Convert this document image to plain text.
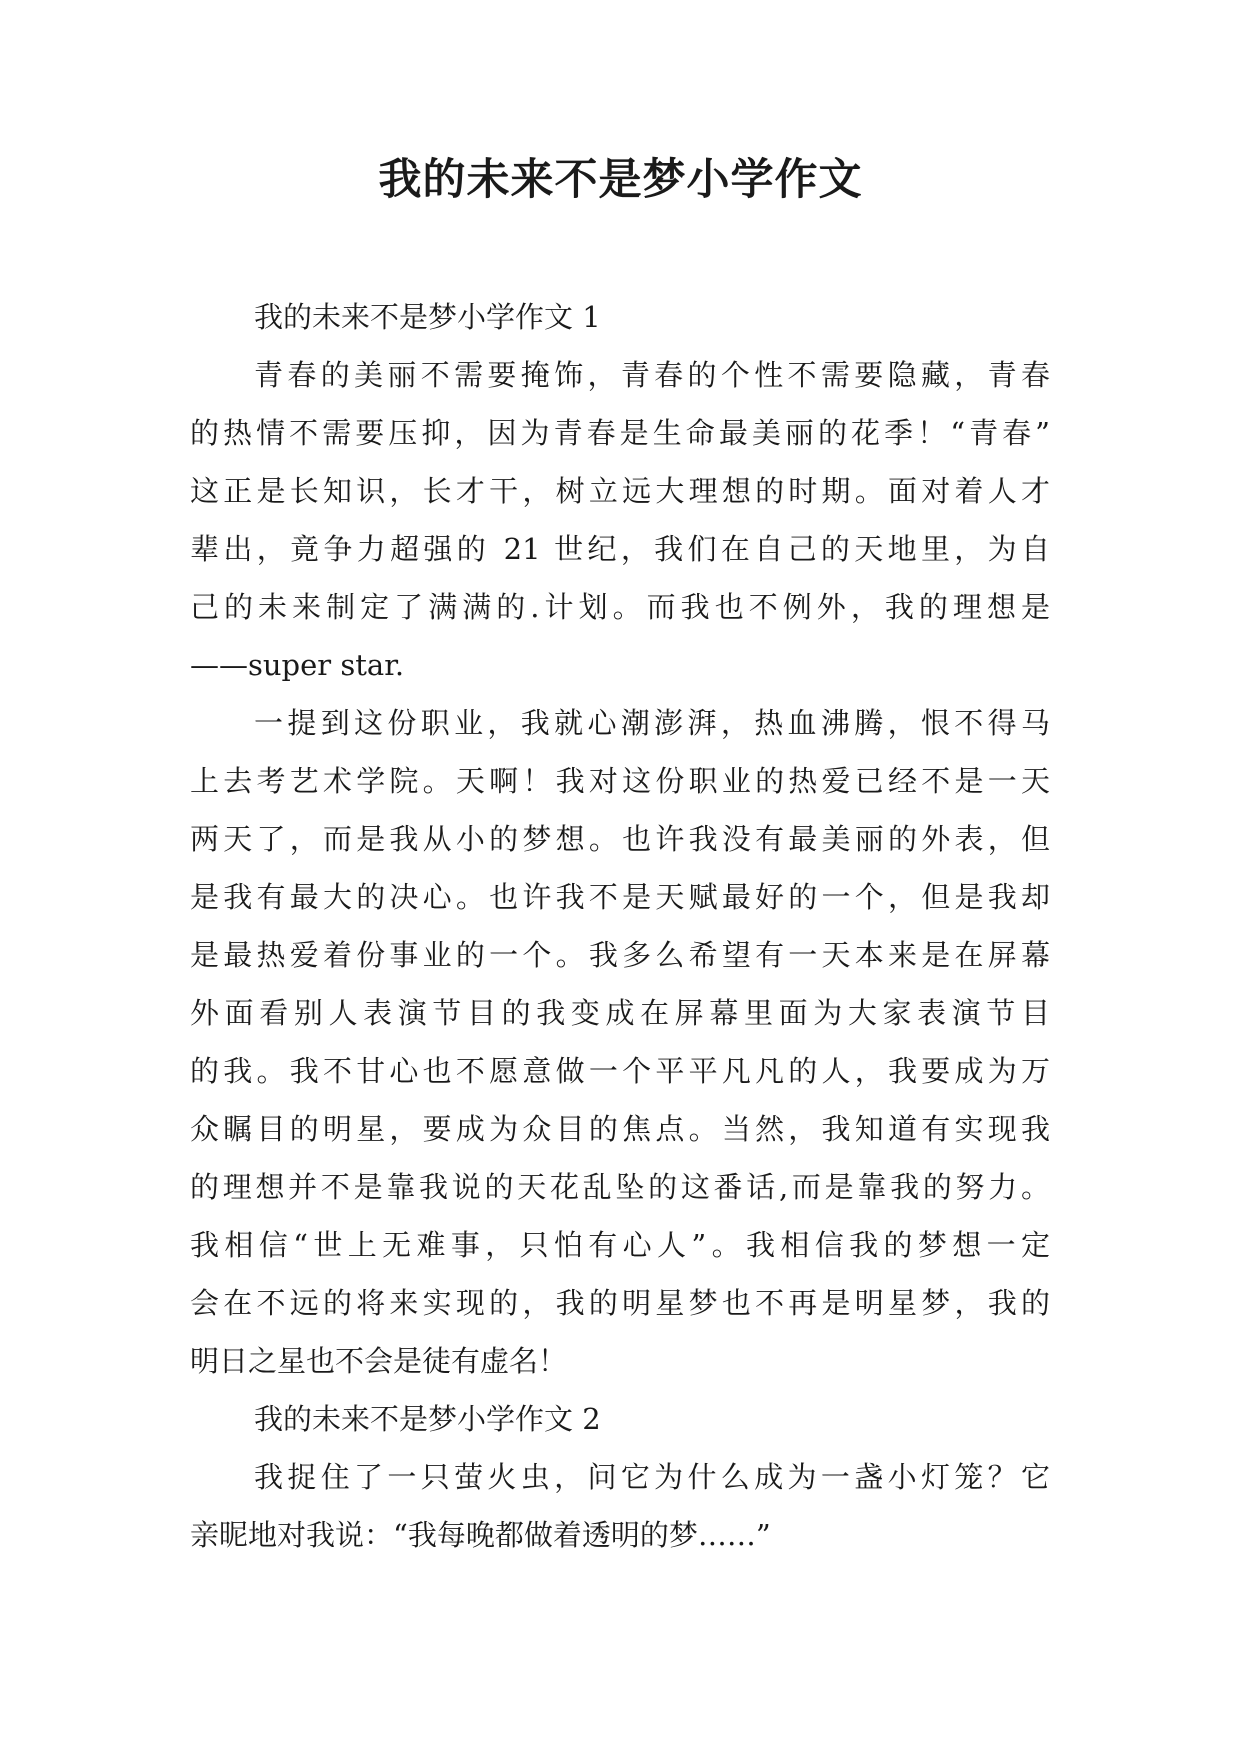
我的未来不是梦小学作文
我的未来不是梦小学作文 1
青春的美丽不需要掩饰，青春的个性不需要隐藏，青春
的热情不需要压抑，因为青春是生命最美丽的花季！“青春”
这正是长知识，长才干，树立远大理想的时期。面对着人才
辈出，竟争力超强的 21 世纪，我们在自己的天地里，为自
己的未来制定了满满的.计划。而我也不例外，我的理想是
——super star.
一提到这份职业，我就心潮澎湃，热血沸腾，恨不得马
上去考艺术学院。天啊！我对这份职业的热爱已经不是一天
两天了，而是我从小的梦想。也许我没有最美丽的外表，但
是我有最大的决心。也许我不是天赋最好的一个，但是我却
是最热爱着份事业的一个。我多么希望有一天本来是在屏幕
外面看别人表演节目的我变成在屏幕里面为大家表演节目
的我。我不甘心也不愿意做一个平平凡凡的人，我要成为万
众瞩目的明星，要成为众目的焦点。当然，我知道有实现我
的理想并不是靠我说的天花乱坠的这番话,而是靠我的努力。
我相信“世上无难事，只怕有心人”。我相信我的梦想一定
会在不远的将来实现的，我的明星梦也不再是明星梦，我的
明日之星也不会是徒有虚名！
我的未来不是梦小学作文 2
我捉住了一只萤火虫，问它为什么成为一盏小灯笼？它
亲昵地对我说：“我每晚都做着透明的梦……”
